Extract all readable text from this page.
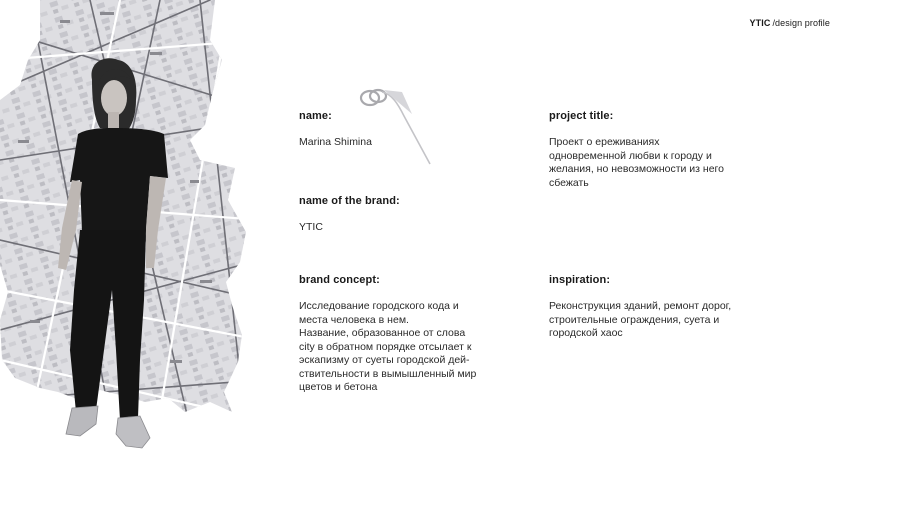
YTIC /design profile
name:
Marina Shimina
name of the brand:
YTIC
brand concept:
Исследование городского кода и
места человека в нем.
Название, образованное от слова
city в обратном порядке отсылает к
эскапизму от суеты городской дей-
ствительности в вымышленный мир
цветов и бетона
project title:
Проект о ереживаниях
одновременной любви к городу и
желания, но невозможности из него
сбежать
inspiration:
Реконструкция зданий, ремонт дорог,
строительные ограждения, суета и
городской хаос
